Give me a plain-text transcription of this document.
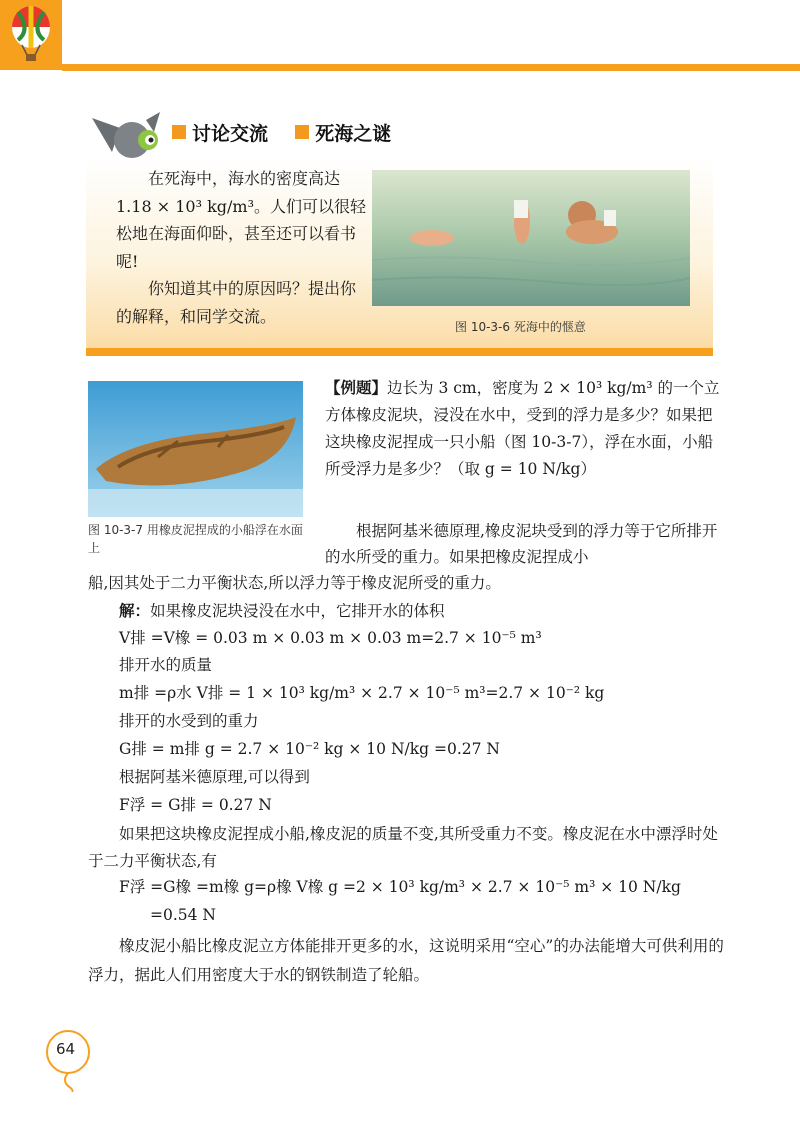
讨论交流 死海之谜

在死海中，海水的密度高达1.18 × 10³ kg/m³。人们可以很轻松地在海面仰卧，甚至还可以看书呢!

你知道其中的原因吗？提出你的解释，和同学交流。

图 10-3-6 死海中的惬意
图 10-3-7 用橡皮泥捏成的小船浮在水面上
【例题】边长为 3 cm，密度为 2 × 10³ kg/m³ 的一个立方体橡皮泥块，浸没在水中，受到的浮力是多少？如果把这块橡皮泥捏成一只小船（图 10-3-7），浮在水面，小船所受浮力是多少？（取 g = 10 N/kg）
根据阿基米德原理,橡皮泥块受到的浮力等于它所排开的水所受的重力。如果把橡皮泥捏成小
船,因其处于二力平衡状态,所以浮力等于橡皮泥所受的重力。
解：如果橡皮泥块浸没在水中，它排开水的体积
V排 =V橡 = 0.03 m × 0.03 m × 0.03 m=2.7 × 10⁻⁵ m³
排开水的质量
m排 =ρ水 V排 = 1 × 10³ kg/m³ × 2.7 × 10⁻⁵ m³=2.7 × 10⁻² kg
排开的水受到的重力
G排 = m排 g = 2.7 × 10⁻² kg × 10 N/kg =0.27 N
根据阿基米德原理,可以得到
F浮 = G排 = 0.27 N
如果把这块橡皮泥捏成小船,橡皮泥的质量不变,其所受重力不变。橡皮泥在水中漂浮时处于二力平衡状态,有
F浮 =G橡 =m橡 g=ρ橡 V橡 g =2 × 10³ kg/m³ × 2.7 × 10⁻⁵ m³ × 10 N/kg
=0.54 N
橡皮泥小船比橡皮泥立方体能排开更多的水，这说明采用“空心”的办法能增大可供利用的浮力，据此人们用密度大于水的钢铁制造了轮船。
64
